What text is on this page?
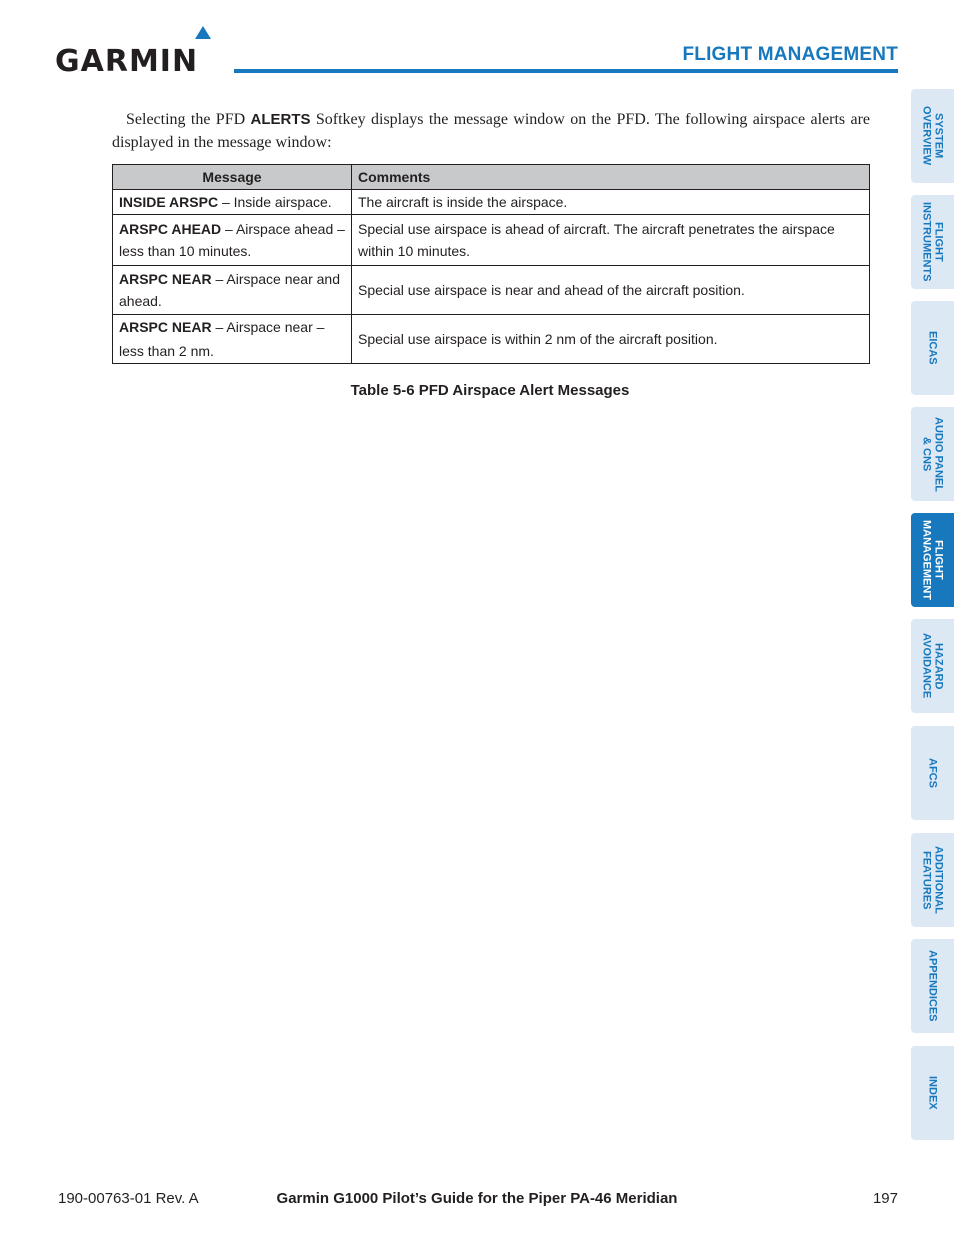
GARMIN	FLIGHT MANAGEMENT
Selecting the PFD ALERTS Softkey displays the message window on the PFD. The following airspace alerts are displayed in the message window:
Message	Comments
INSIDE ARSPC – Inside airspace.	The aircraft is inside the airspace.
ARSPC AHEAD – Airspace ahead – less than 10 minutes.	Special use airspace is ahead of aircraft. The aircraft penetrates the airspace within 10 minutes.
ARSPC NEAR – Airspace near and ahead.	Special use airspace is near and ahead of the aircraft position.
ARSPC NEAR – Airspace near – less than 2 nm.	Special use airspace is within 2 nm of the aircraft position.
Table 5-6 PFD Airspace Alert Messages
SYSTEM
OVERVIEW
FLIGHT
INSTRUMENTS
EICAS
AUDIO PANEL
& CNS
FLIGHT
MANAGEMENT
HAZARD
AVOIDANCE
AFCS
ADDITIONAL
FEATURES
APPENDICES
INDEX
190-00763-01 Rev. A	Garmin G1000 Pilot’s Guide for the Piper PA-46 Meridian	197
